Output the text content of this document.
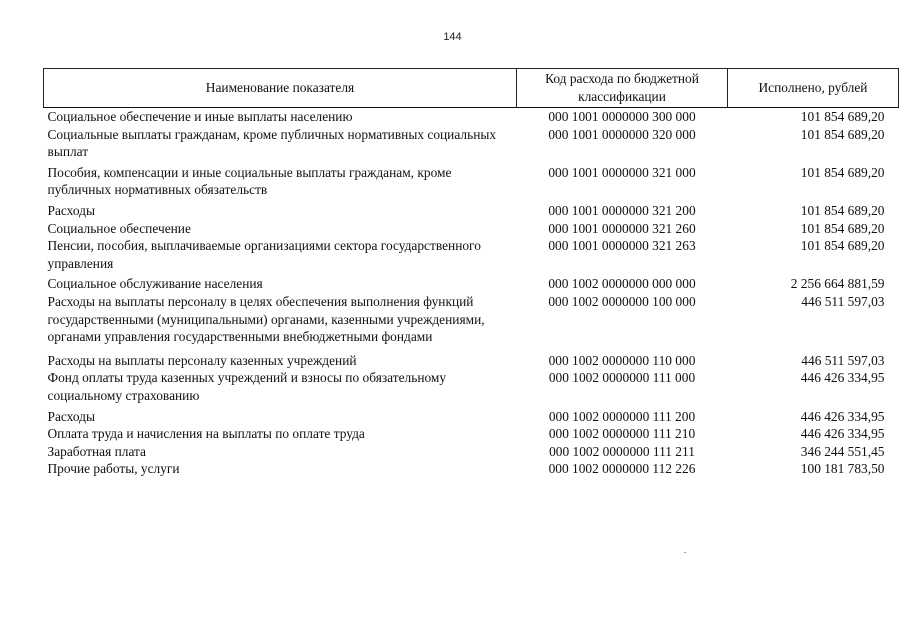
144
Наименование показателя	Код расхода по бюджетной классификации	Исполнено, рублей
Социальное обеспечение и иные выплаты населению	000 1001 0000000 300 000	101 854 689,20
Социальные выплаты гражданам, кроме публичных нормативных социальных выплат	000 1001 0000000 320 000	101 854 689,20
Пособия, компенсации и иные социальные выплаты гражданам, кроме публичных нормативных обязательств	000 1001 0000000 321 000	101 854 689,20
Расходы	000 1001 0000000 321 200	101 854 689,20
Социальное обеспечение	000 1001 0000000 321 260	101 854 689,20
Пенсии, пособия, выплачиваемые организациями сектора государственного управления	000 1001 0000000 321 263	101 854 689,20
Социальное обслуживание населения	000 1002 0000000 000 000	2 256 664 881,59
Расходы на выплаты персоналу в целях обеспечения выполнения функций государственными (муниципальными) органами, казенными учреждениями, органами управления государственными внебюджетными фондами	000 1002 0000000 100 000	446 511 597,03
Расходы на выплаты персоналу казенных учреждений	000 1002 0000000 110 000	446 511 597,03
Фонд оплаты труда казенных учреждений и взносы по обязательному социальному страхованию	000 1002 0000000 111 000	446 426 334,95
Расходы	000 1002 0000000 111 200	446 426 334,95
Оплата труда и начисления на выплаты по оплате труда	000 1002 0000000 111 210	446 426 334,95
Заработная плата	000 1002 0000000 111 211	346 244 551,45
Прочие работы, услуги	000 1002 0000000 112 226	100 181 783,50
